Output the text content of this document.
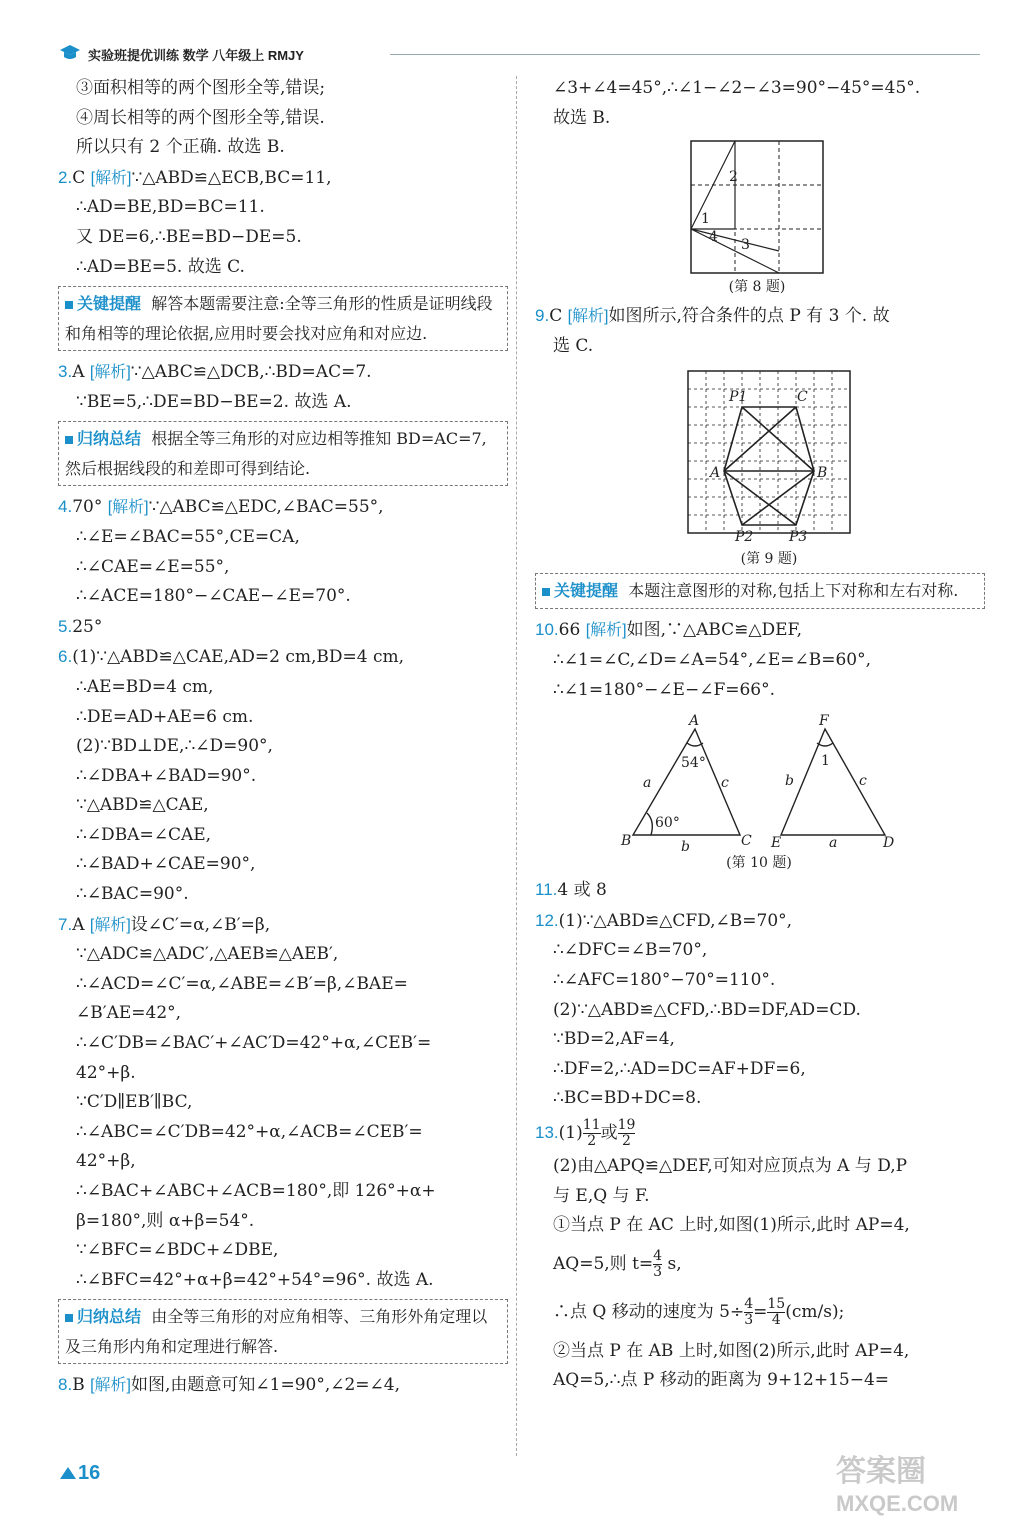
实验班提优训练 数学 八年级上 RMJY
③面积相等的两个图形全等,错误;
④周长相等的两个图形全等,错误.
所以只有 2 个正确. 故选 B.
2.C [解析]∵△ABD≌△ECB,BC=11,
∴AD=BE,BD=BC=11.
又 DE=6,∴BE=BD−DE=5.
∴AD=BE=5. 故选 C.
关键提醒 解答本题需要注意:全等三角形的性质是证明线段和角相等的理论依据,应用时要会找对应角和对应边.
3.A [解析]∵△ABC≌△DCB,∴BD=AC=7.
∵BE=5,∴DE=BD−BE=2. 故选 A.
归纳总结 根据全等三角形的对应边相等推知 BD=AC=7,然后根据线段的和差即可得到结论.
4.70° [解析]∵△ABC≌△EDC,∠BAC=55°,
∴∠E=∠BAC=55°,CE=CA,
∴∠CAE=∠E=55°,
∴∠ACE=180°−∠CAE−∠E=70°.
5.25°
6.(1)∵△ABD≌△CAE,AD=2 cm,BD=4 cm,
∴AE=BD=4 cm,
∴DE=AD+AE=6 cm.
(2)∵BD⊥DE,∴∠D=90°,
∴∠DBA+∠BAD=90°.
∵△ABD≌△CAE,
∴∠DBA=∠CAE,
∴∠BAD+∠CAE=90°,
∴∠BAC=90°.
7.A [解析]设∠C′=α,∠B′=β,
∵△ADC≌△ADC′,△AEB≌△AEB′,
∴∠ACD=∠C′=α,∠ABE=∠B′=β,∠BAE=
∠B′AE=42°,
∴∠C′DB=∠BAC′+∠AC′D=42°+α,∠CEB′=
42°+β.
∵C′D∥EB′∥BC,
∴∠ABC=∠C′DB=42°+α,∠ACB=∠CEB′=
42°+β,
∴∠BAC+∠ABC+∠ACB=180°,即 126°+α+
β=180°,则 α+β=54°.
∵∠BFC=∠BDC+∠DBE,
∴∠BFC=42°+α+β=42°+54°=96°. 故选 A.
归纳总结 由全等三角形的对应角相等、三角形外角定理以及三角形内角和定理进行解答.
8.B [解析]如图,由题意可知∠1=90°,∠2=∠4,
∠3+∠4=45°,∴∠1−∠2−∠3=90°−45°=45°.
故选 B.
2
1
4 3
(第 8 题)
9.C [解析]如图所示,符合条件的点 P 有 3 个. 故
选 C.
P1	C
A	B
P2	P3
(第 9 题)
关键提醒 本题注意图形的对称,包括上下对称和左右对称.
10.66 [解析]如图,∵△ABC≌△DEF,
∴∠1=∠C,∠D=∠A=54°,∠E=∠B=60°,
∴∠1=180°−∠E−∠F=66°.
A
54°
a	c
60°
B	b	C
F
1
b	c
E	a	D
(第 10 题)
11.4 或 8
12.(1)∵△ABD≌△CFD,∠B=70°,
∴∠DFC=∠B=70°,
∴∠AFC=180°−70°=110°.
(2)∵△ABD≌△CFD,∴BD=DF,AD=CD.
∵BD=2,AF=4,
∴DF=2,∴AD=DC=AF+DF=6,
∴BC=BD+DC=8.
$13.(1) \frac{11}{2}$ 或 $\frac{19}{2}$
(2)由△APQ≌△DEF,可知对应顶点为 A 与 D,P
与 E,Q 与 F.
①当点 P 在 AC 上时,如图(1)所示,此时 AP=4,
AQ=5,则 $t= \frac{4}{3} s$,
∴点 Q 移动的速度为 $5\div \frac{4}{3} = \frac{15}{4} (cm/s)$;
②当点 P 在 AB 上时,如图(2)所示,此时 AP=4,
AQ=5,∴点 P 移动的距离为 9+12+15−4=
16	答案圈
MXQE.COM
